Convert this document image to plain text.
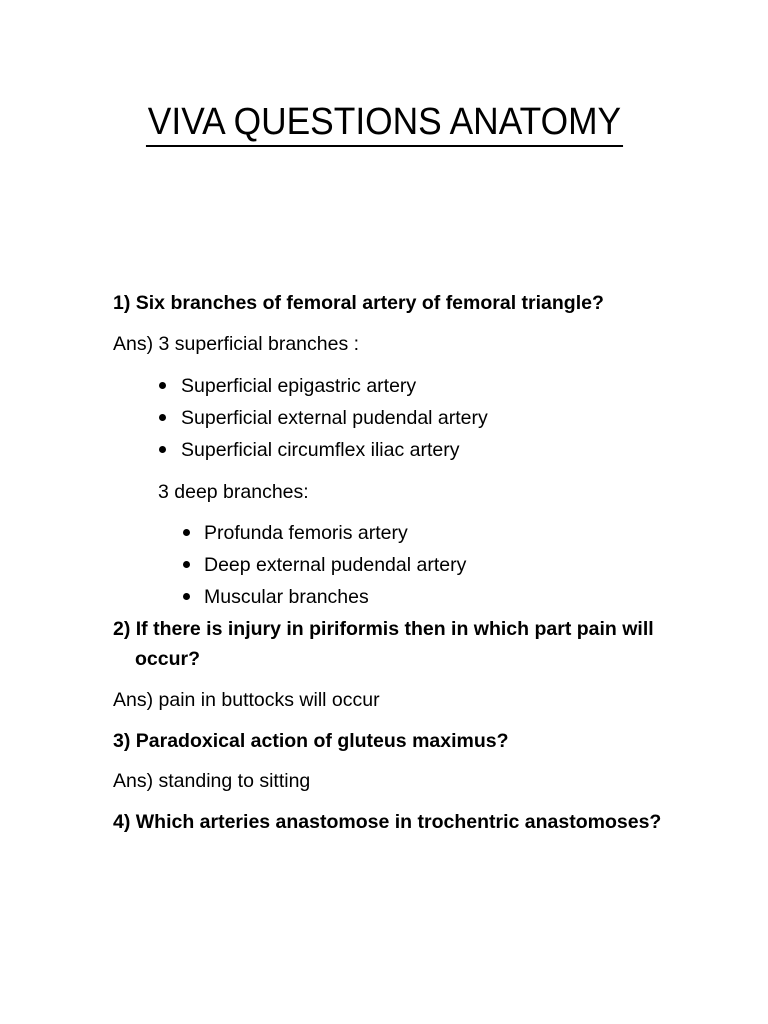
VIVA QUESTIONS ANATOMY
1) Six branches of femoral artery of femoral triangle?
Ans) 3 superficial branches :
Superficial epigastric artery
Superficial external pudendal artery
Superficial circumflex iliac artery
3 deep branches:
Profunda femoris artery
Deep external pudendal artery
Muscular branches
2) If there is injury in piriformis then in which part pain will
occur?
Ans) pain in buttocks will occur
3) Paradoxical action of gluteus maximus?
Ans) standing to sitting
4) Which arteries anastomose in trochentric anastomoses?
